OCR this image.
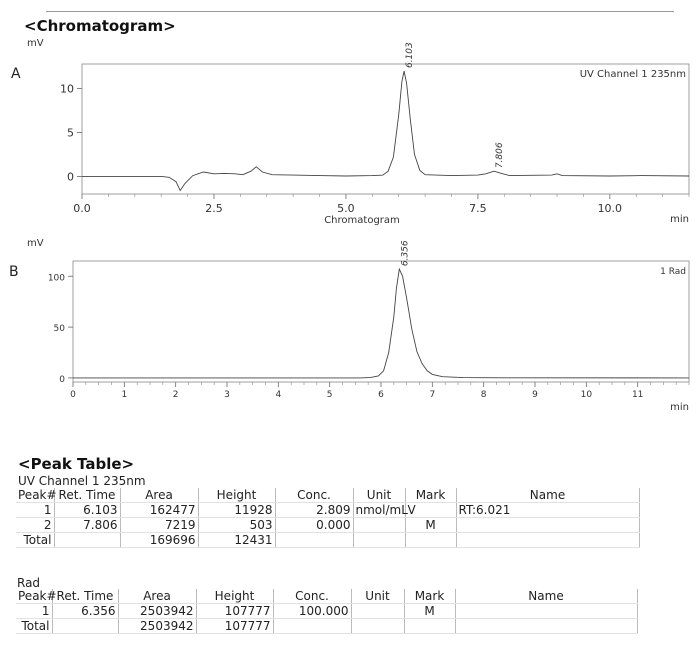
<Chromatogram>
mV
A
0.0	2.5	5.0	7.5	10.0
0
5
10
min
Chromatogram
UV Channel 1 235nm
6.103
7.806
mV
B
0	1	2	3	4	5	6	7	8	9	10	11
0
50
100
min
1 Rad
6.356
<Peak Table>
UV Channel 1 235nm
Peak#	Ret. Time	Area	Height	Conc.	Unit	Mark	Name
1	6.103	162477	11928	2.809	nmol/mL	V	RT:6.021
2	7.806	7219	503	0.000		M	
Total		169696	12431				
Rad
Peak#	Ret. Time	Area	Height	Conc.	Unit	Mark	Name
1	6.356	2503942	107777	100.000		M	
Total		2503942	107777				
